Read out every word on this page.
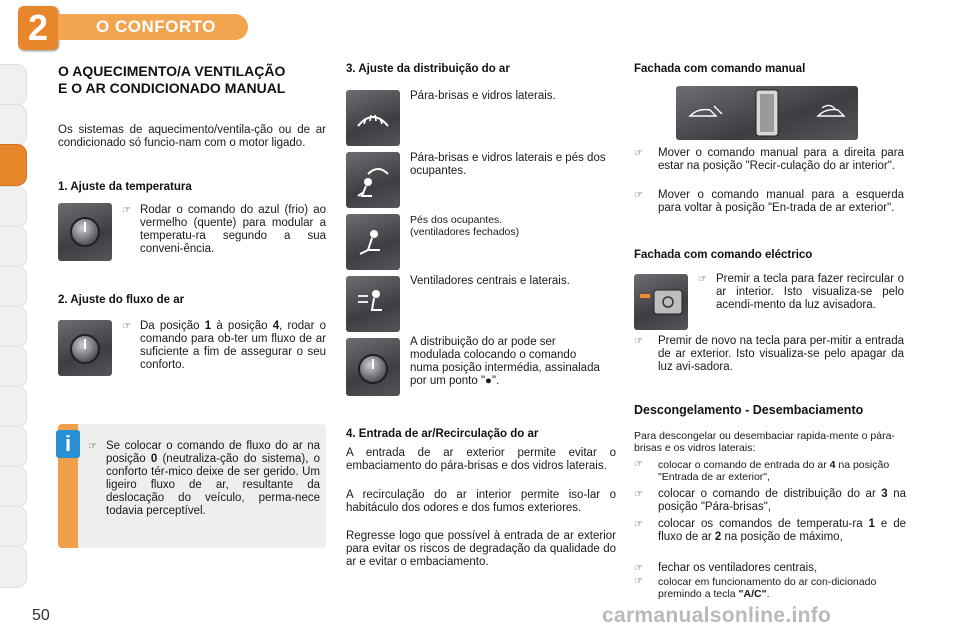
2	O CONFORTO
O AQUECIMENTO/A VENTILAÇÃO E O AR CONDICIONADO MANUAL
Os sistemas de aquecimento/ventila-ção ou de ar condicionado só funcio-nam com o motor ligado.
1. Ajuste da temperatura
☞ Rodar o comando do azul (frio) ao vermelho (quente) para modular a temperatu-ra segundo a sua conveni-ência.
2. Ajuste do fluxo de ar
☞ Da posição 1 à posição 4, rodar o comando para ob-ter um fluxo de ar suficiente a fim de assegurar o seu conforto.
i	☞ Se colocar o comando de fluxo do ar na posição 0 (neutraliza-ção do sistema), o conforto tér-mico deixe de ser gerido. Um ligeiro fluxo de ar, resultante da deslocação do veículo, perma-nece todavia perceptível.
3. Ajuste da distribuição do ar
Pára-brisas e vidros laterais.
Pára-brisas e vidros laterais e pés dos ocupantes.
Pés dos ocupantes.
(ventiladores fechados)
Ventiladores centrais e laterais.
A distribuição do ar pode ser modulada colocando o comando numa posição intermédia, assinalada por um ponto "●".
4. Entrada de ar/Recirculação do ar
A entrada de ar exterior permite evitar o embaciamento do pára-brisas e dos vidros laterais.
A recirculação do ar interior permite iso-lar o habitáculo dos odores e dos fumos exteriores.
Regresse logo que possível à entrada de ar exterior para evitar os riscos de degradação da qualidade do ar e evitar o embaciamento.
Fachada com comando manual
☞ Mover o comando manual para a direita para estar na posição "Recir-culação do ar interior".
☞ Mover o comando manual para a esquerda para voltar à posição "En-trada de ar exterior".
Fachada com comando eléctrico
☞ Premir a tecla para fazer recircular o ar interior. Isto visualiza-se pelo acendi-mento da luz avisadora.
☞ Premir de novo na tecla para per-mitir a entrada de ar exterior. Isto visualiza-se pelo apagar da luz avi-sadora.
Descongelamento - Desembaciamento
Para descongelar ou desembaciar rapida-mente o pára-brisas e os vidros laterais:
☞ colocar o comando de entrada do ar 4 na posição "Entrada de ar exterior",
☞ colocar o comando de distribuição do ar 3 na posição "Pára-brisas",
☞ colocar os comandos de temperatu-ra 1 e de fluxo de ar 2 na posição de máximo,
☞ fechar os ventiladores centrais,
☞ colocar em funcionamento do ar con-dicionado premindo a tecla "A/C".
50	carmanualsonline.info
